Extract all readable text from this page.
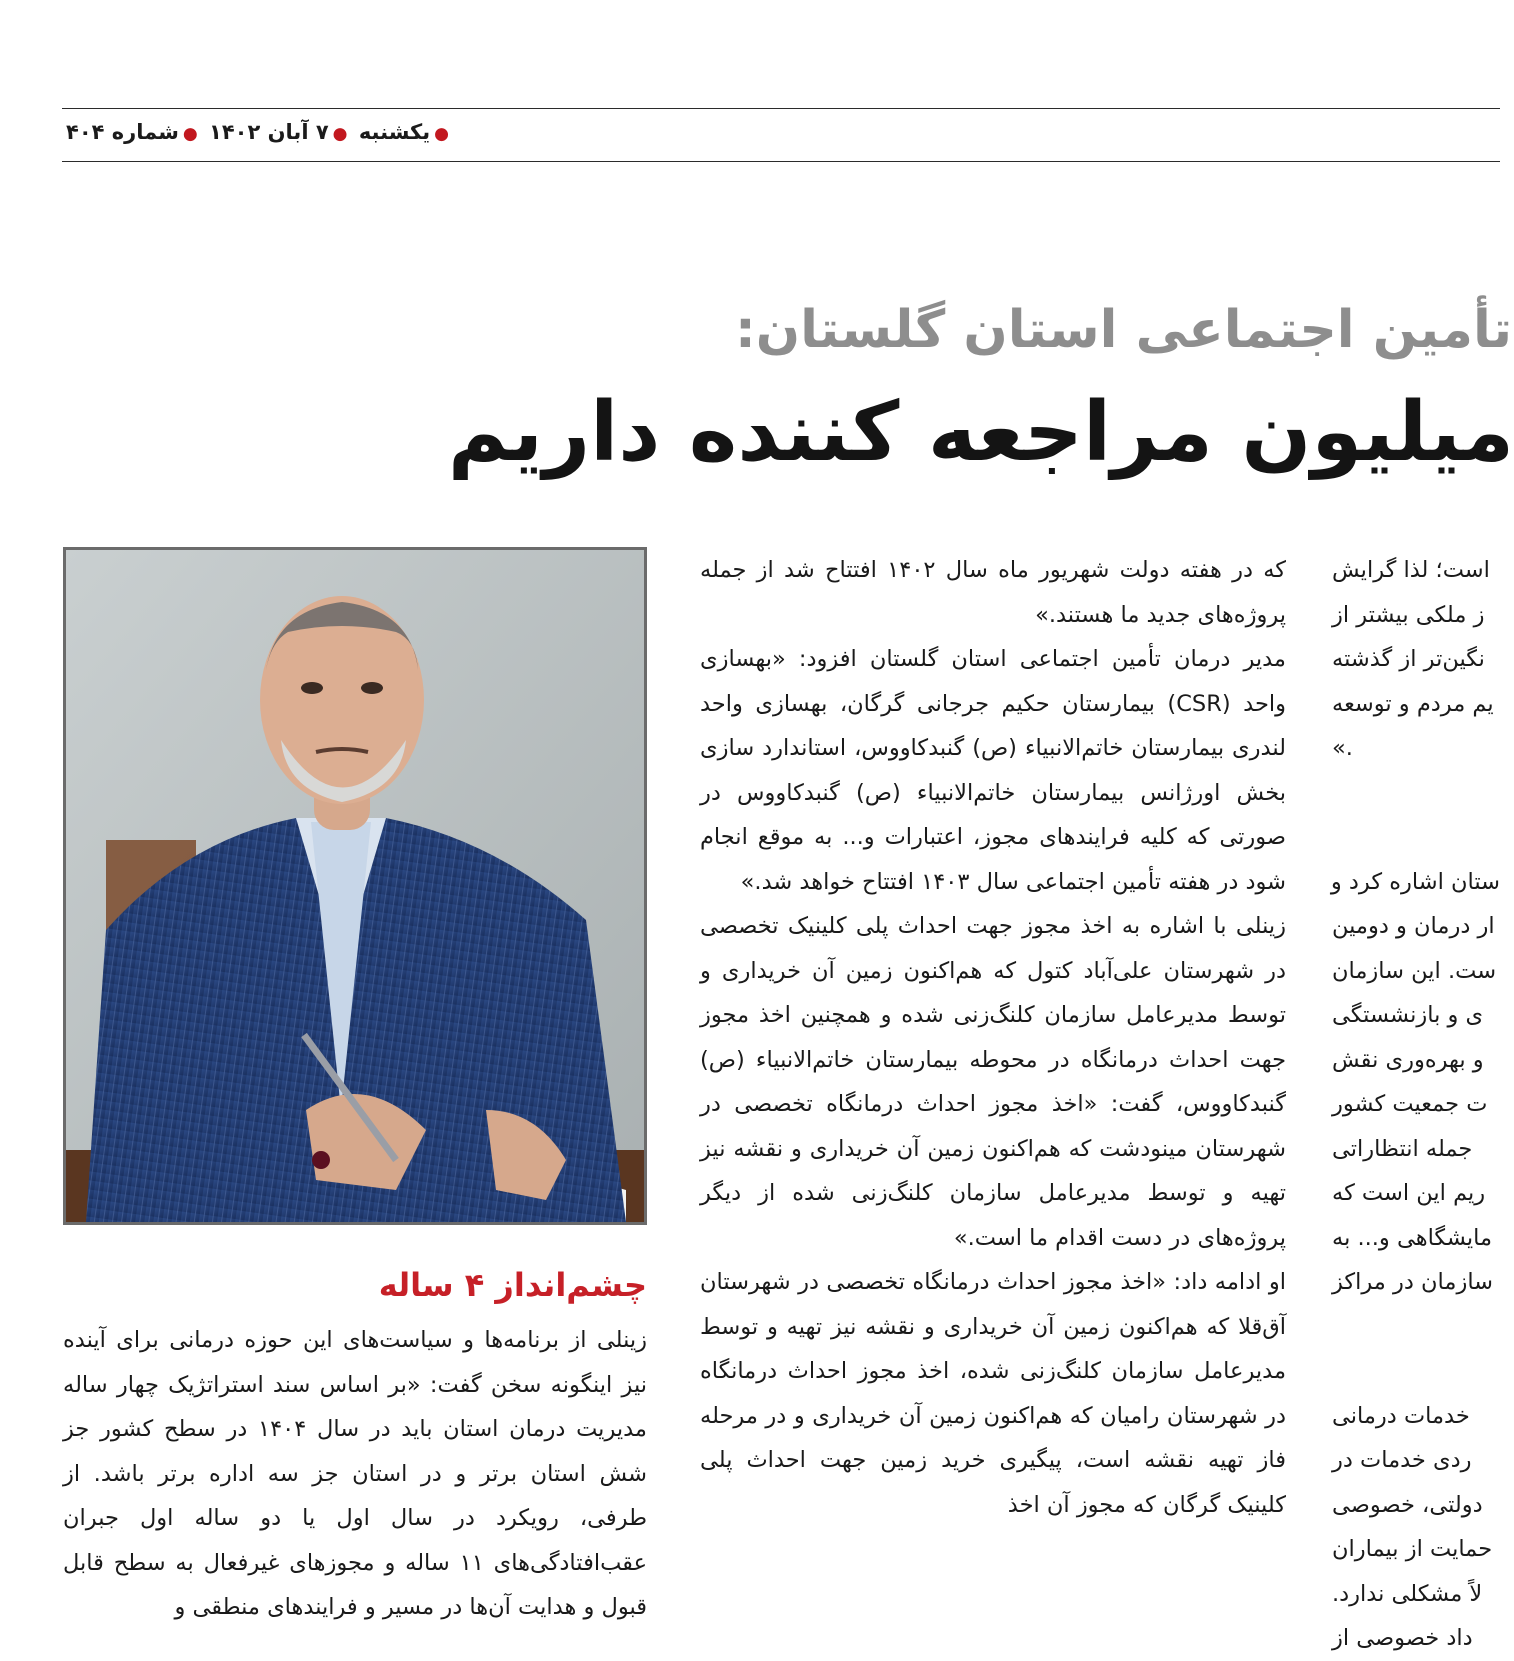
●یکشنبه ●۷ آبان ۱۴۰۲ ●شماره ۴۰۴
تأمین اجتماعی استان گلستان:
میلیون مراجعه کننده داریم
چشم‌انداز ۴ ساله

که در هفته دولت شهریور ماه سال ۱۴۰۲ افتتاح شد از جمله پروژه‌های جدید ما هستند.»

مدیر درمان تأمین اجتماعی استان گلستان افزود: «بهسازی واحد (CSR) بیمارستان حکیم جرجانی گرگان، بهسازی واحد لندری بیمارستان خاتم‌الانبیاء (ص) گنبدکاووس، استاندارد سازی بخش اورژانس بیمارستان خاتم‌الانبیاء (ص) گنبدکاووس در صورتی که کلیه فرایندهای مجوز، اعتبارات و... به موقع انجام شود در هفته تأمین اجتماعی سال ۱۴۰۳ افتتاح خواهد شد.»

زینلی با اشاره به اخذ مجوز جهت احداث پلی کلینیک تخصصی در شهرستان علی‌آباد کتول که هم‌اکنون زمین آن خریداری و توسط مدیرعامل سازمان کلنگ‌زنی شده و همچنین اخذ مجوز جهت احداث درمانگاه در محوطه بیمارستان خاتم‌الانبیاء (ص) گنبدکاووس، گفت: «اخذ مجوز احداث درمانگاه تخصصی در شهرستان مینودشت که هم‌اکنون زمین آن خریداری و نقشه نیز تهیه و توسط مدیرعامل سازمان کلنگ‌زنی شده از دیگر پروژه‌های در دست اقدام ما است.»

او ادامه داد: «اخذ مجوز احداث درمانگاه تخصصی در شهرستان آق‌قلا که هم‌اکنون زمین آن خریداری و نقشه نیز تهیه و توسط مدیرعامل سازمان کلنگ‌زنی شده، اخذ مجوز احداث درمانگاه در شهرستان رامیان که هم‌اکنون زمین آن خریداری و در مرحله فاز تهیه نقشه است، پیگیری خرید زمین جهت احداث پلی کلینیک گرگان که مجوز آن اخذ

زینلی از برنامه‌ها و سیاست‌های این حوزه درمانی برای آینده نیز اینگونه سخن گفت: «بر اساس سند استراتژیک چهار ساله مدیریت درمان استان باید در سال ۱۴۰۴ در سطح کشور جز شش استان برتر و در استان جز سه اداره برتر باشد. از طرفی، رویکرد در سال اول یا دو ساله اول جبران عقب‌افتادگی‌های ۱۱ ساله و مجوزهای غیرفعال به سطح قابل قبول و هدایت آن‌ها در مسیر و فرایندهای منطقی و

است؛ لذا گرایش

ز ملکی بیشتر از

نگین‌تر از گذشته

یم مردم و توسعه

.»

ستان اشاره کرد و

ار درمان و دومین

ست. این سازمان

ی و بازنشستگی

و بهره‌وری نقش

ت جمعیت کشور

جمله انتظاراتی

ریم این است که

مایشگاهی و... به

سازمان در مراکز

خدمات درمانی

ردی خدمات در

دولتی، خصوصی

حمایت از بیماران

لاً مشکلی ندارد.

داد خصوصی از
